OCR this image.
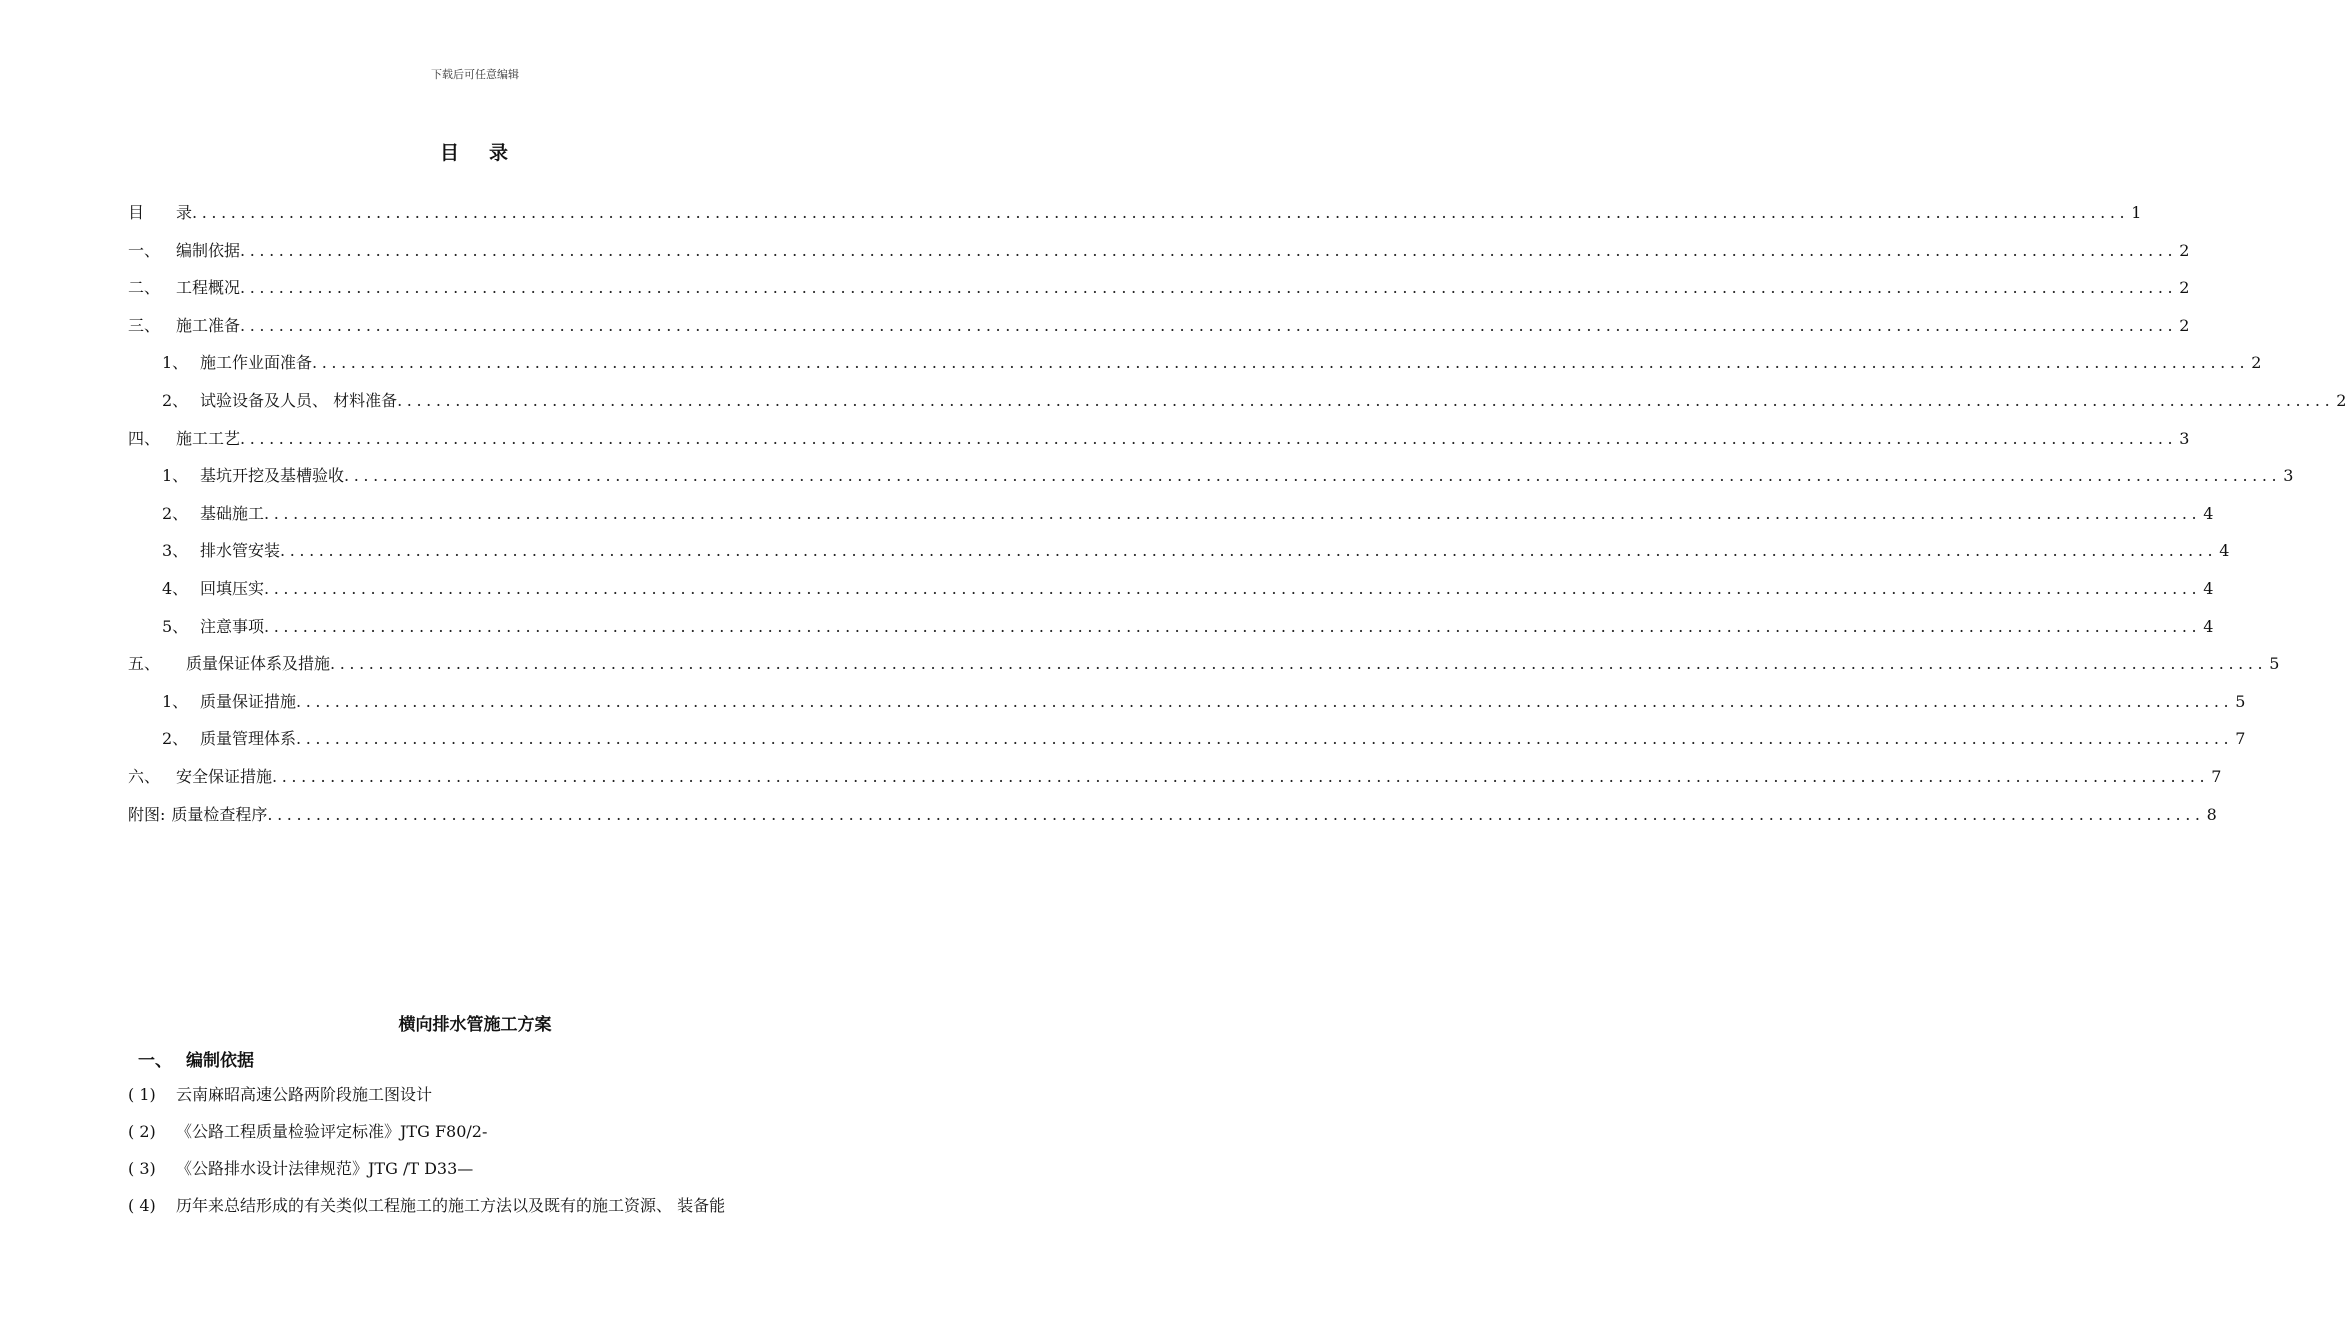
下载后可任意编辑
目 录
目	录 ........................................................................................................................................................................................................ 1
一、 编制依据 ........................................................................................................................................................................................................ 2
二、 工程概况 ........................................................................................................................................................................................................ 2
三、 施工准备 ........................................................................................................................................................................................................ 2
1、 施工作业面准备 ........................................................................................................................................................................................................ 2
2、 试验设备及人员、 材料准备 ........................................................................................................................................................................................................ 2
四、 施工工艺 ........................................................................................................................................................................................................ 3
1、 基坑开挖及基槽验收 ........................................................................................................................................................................................................ 3
2、 基础施工 ........................................................................................................................................................................................................ 4
3、 排水管安装 ........................................................................................................................................................................................................ 4
4、 回填压实 ........................................................................................................................................................................................................ 4
5、 注意事项 ........................................................................................................................................................................................................ 4
五、	质量保证体系及措施 ........................................................................................................................................................................................................ 5
1、 质量保证措施 ........................................................................................................................................................................................................ 5
2、 质量管理体系 ........................................................................................................................................................................................................ 7
六、 安全保证措施 ........................................................................................................................................................................................................ 7
附图: 质量检查程序 ........................................................................................................................................................................................................ 8
横向排水管施工方案
一、 编制依据
( 1) 云南麻昭高速公路两阶段施工图设计
( 2) 《公路工程质量检验评定标准》JTG F80/2-
( 3) 《公路排水设计法律规范》JTG /T D33—
( 4) 历年来总结形成的有关类似工程施工的施工方法以及既有的施工资源、 装备能
